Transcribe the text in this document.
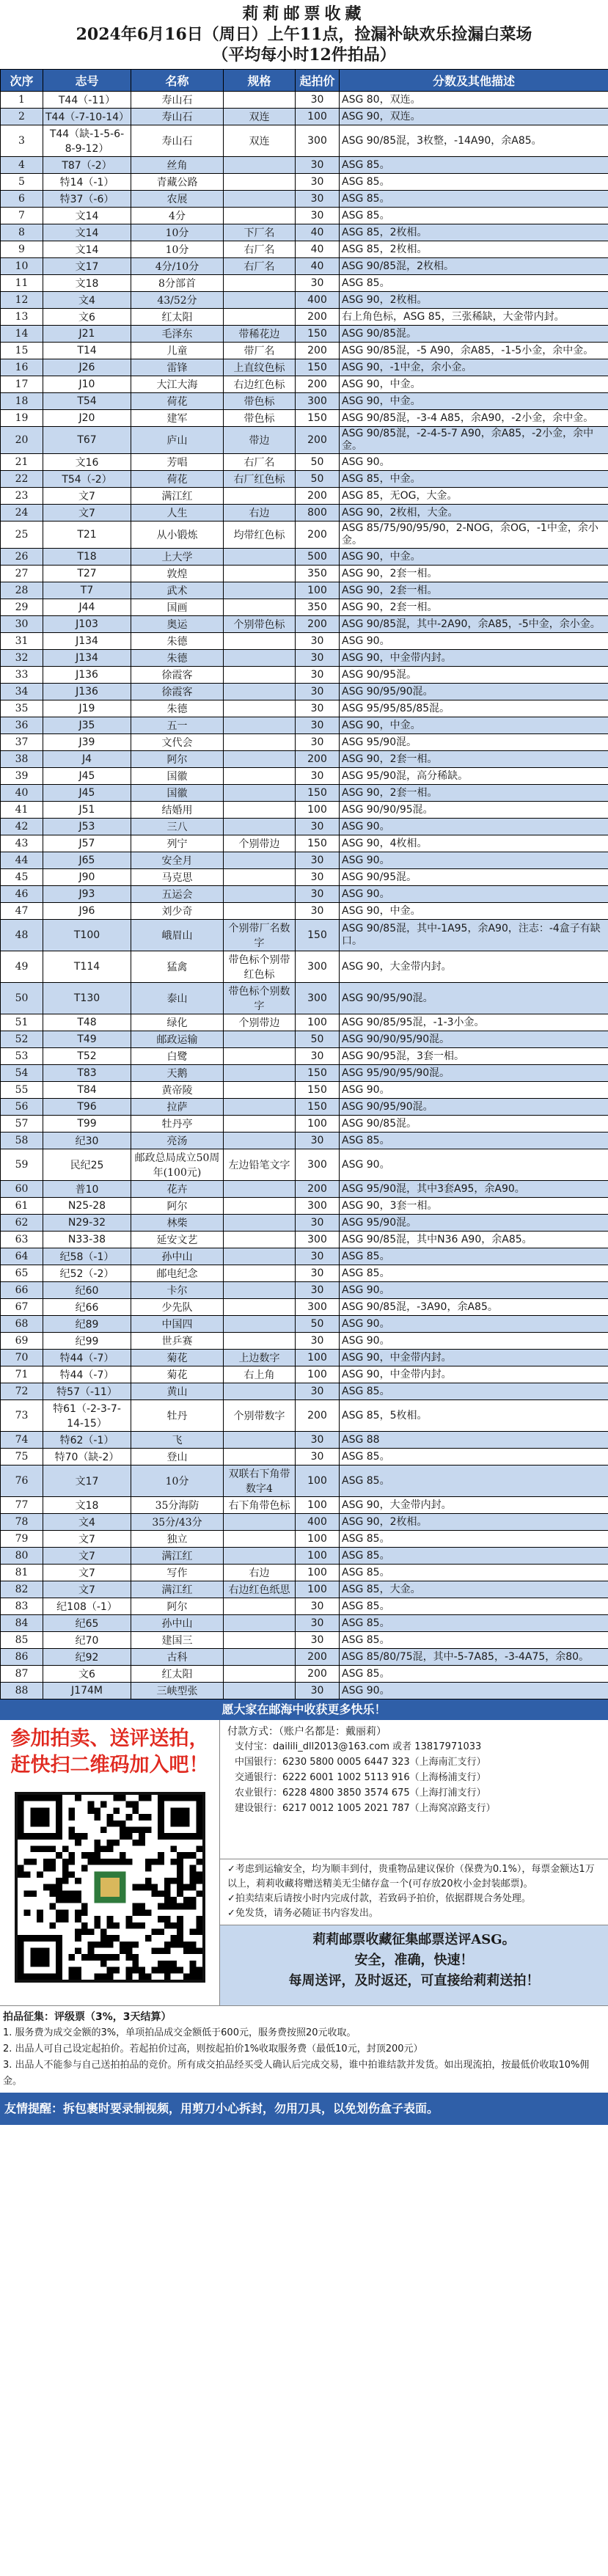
莉莉邮票收藏
2024年6月16日（周日）上午11点，捡漏补缺欢乐捡漏白菜场
（平均每小时12件拍品）
次序	志号	名称	规格	起拍价	分数及其他描述
1	T44（-11）	寿山石		30	ASG 80，双连。
2	T44（-7-10-14）	寿山石	双连	100	ASG 90，双连。
3	T44（缺-1-5-6-8-9-12）	寿山石	双连	300	ASG 90/85混，3枚整，-14A90，余A85。
4	T87（-2）	丝角		30	ASG 85。
5	特14（-1）	青藏公路		30	ASG 85。
6	特37（-6）	农展		30	ASG 85。
7	文14	4分		30	ASG 85。
8	文14	10分	下厂名	40	ASG 85，2枚相。
9	文14	10分	右厂名	40	ASG 85，2枚相。
10	文17	4分/10分	右厂名	40	ASG 90/85混，2枚相。
11	文18	8分部首		30	ASG 85。
12	文4	43/52分		400	ASG 90，2枚相。
13	文6	红太阳		200	右上角色标，ASG 85，三张稀缺，大金带内封。
14	J21	毛泽东	带稀花边	150	ASG 90/85混。
15	T14	儿童	带厂名	200	ASG 90/85混，-5 A90，余A85，-1-5小金，余中金。
16	J26	雷锋	上直纹色标	150	ASG 90，-1中金，余小金。
17	J10	大江大海	右边红色标	200	ASG 90，中金。
18	T54	荷花	带色标	300	ASG 90，中金。
19	J20	建军	带色标	150	ASG 90/85混，-3-4 A85，余A90，-2小金，余中金。
20	T67	庐山	带边	200	ASG 90/85混，-2-4-5-7 A90，余A85，-2小金，余中金。
21	文16	芳唱	右厂名	50	ASG 90。
22	T54（-2）	荷花	右厂红色标	50	ASG 85，中金。
23	文7	满江红		200	ASG 85，无OG，大金。
24	文7	人生	右边	800	ASG 90，2枚相，大金。
25	T21	从小锻炼	均带红色标	200	ASG 85/75/90/95/90，2-NOG，余OG，-1中金，余小金。
26	T18	上大学		500	ASG 90，中金。
27	T27	敦煌		350	ASG 90，2套一相。
28	T7	武术		100	ASG 90，2套一相。
29	J44	国画		350	ASG 90，2套一相。
30	J103	奥运	个别带色标	200	ASG 90/85混，其中-2A90，余A85，-5中金，余小金。
31	J134	朱德		30	ASG 90。
32	J134	朱德		30	ASG 90，中金带内封。
33	J136	徐霞客		30	ASG 90/95混。
34	J136	徐霞客		30	ASG 90/95/90混。
35	J19	朱德		30	ASG 95/95/85/85混。
36	J35	五一		30	ASG 90，中金。
37	J39	文代会		30	ASG 95/90混。
38	J4	阿尔		200	ASG 90，2套一相。
39	J45	国徽		30	ASG 95/90混，高分稀缺。
40	J45	国徽		150	ASG 90，2套一相。
41	J51	结婚用		100	ASG 90/90/95混。
42	J53	三八		30	ASG 90。
43	J57	列宁	个别带边	150	ASG 90，4枚相。
44	J65	安全月		30	ASG 90。
45	J90	马克思		30	ASG 90/95混。
46	J93	五运会		30	ASG 90。
47	J96	刘少奇		30	ASG 90，中金。
48	T100	峨眉山	个别带厂名数字	150	ASG 90/85混，其中-1A95，余A90，注志：-4盒子有缺口。
49	T114	猛禽	带色标个别带红色标	300	ASG 90，大金带内封。
50	T130	泰山	带色标个别数字	300	ASG 90/95/90混。
51	T48	绿化	个别带边	100	ASG 90/85/95混，-1-3小金。
52	T49	邮政运输		50	ASG 90/90/95/90混。
53	T52	白鹭		30	ASG 90/95混，3套一相。
54	T83	天鹅		150	ASG 95/90/95/90混。
55	T84	黄帝陵		150	ASG 90。
56	T96	拉萨		150	ASG 90/95/90混。
57	T99	牡丹亭		100	ASG 90/85混。
58	纪30	亮汤		30	ASG 85。
59	民纪25	邮政总局成立50周年(100元)	左边铅笔文字	300	ASG 90。
60	普10	花卉		200	ASG 95/90混，其中3套A95，余A90。
61	N25-28	阿尔		300	ASG 90，3套一相。
62	N29-32	林柴		30	ASG 95/90混。
63	N33-38	延安文艺		300	ASG 90/85混，其中N36 A90，余A85。
64	纪58（-1）	孙中山		30	ASG 85。
65	纪52（-2）	邮电纪念		30	ASG 85。
66	纪60	卡尔		30	ASG 90。
67	纪66	少先队		300	ASG 90/85混，-3A90，余A85。
68	纪89	中国四		50	ASG 90。
69	纪99	世乒赛		30	ASG 90。
70	特44（-7）	菊花	上边数字	100	ASG 90，中金带内封。
71	特44（-7）	菊花	右上角	100	ASG 90，中金带内封。
72	特57（-11）	黄山		30	ASG 85。
73	特61（-2-3-7-14-15）	牡丹	个别带数字	200	ASG 85，5枚相。
74	特62（-1）	飞		30	ASG 88
75	特70（缺-2）	登山		30	ASG 85。
76	文17	10分	双联右下角带数字4	100	ASG 85。
77	文18	35分海防	右下角带色标	100	ASG 90，大金带内封。
78	文4	35分/43分		400	ASG 90，2枚相。
79	文7	独立		100	ASG 85。
80	文7	满江红		100	ASG 85。
81	文7	写作	右边	100	ASG 85。
82	文7	满江红	右边红色纸思	100	ASG 85，大金。
83	纪108（-1）	阿尔		30	ASG 85。
84	纪65	孙中山		30	ASG 85。
85	纪70	建国三		30	ASG 85。
86	纪92	古科		200	ASG 85/80/75混，其中-5-7A85，-3-4A75，余80。
87	文6	红太阳		200	ASG 85。
88	J174M	三峡型张		30	ASG 90。
愿大家在邮海中收获更多快乐！
参加拍卖、送评送拍，
赶快扫二维码加入吧！
付款方式：（账户名都是：戴丽莉）
支付宝：dailili_dll2013@163.com 或者 13817971033
中国银行：6230 5800 0005 6447 323（上海南汇支行）
交通银行：6222 6001 1002 5113 916（上海杨浦支行）
农业银行：6228 4800 3850 3574 675（上海打浦支行）
建设银行：6217 0012 1005 2021 787（上海窝凉路支行）
✓考虑到运输安全，均为顺丰到付，贵重物品建议保价（保费为0.1%），每票金额达1万以上，莉莉收藏将赠送精美无尘储存盒一个(可存放20枚小金封装邮票)。
✓拍卖结束后请按小时内完成付款，若致码予拍价，依据群规合务处理。
✓免发货，请务必随证书内容发出。
莉莉邮票收藏征集邮票送评ASG。
安全，准确，快速！
每周送评，及时返还，可直接给莉莉送拍！
拍品征集：评级票（3%，3天结算）
1. 服务费为成交金额的3%，单项拍品成交金额低于600元，服务费按照20元收取。
2. 出品人可自己设定起拍价。若起拍价过高，则按起拍价1%收取服务费（最低10元，封顶200元）
3. 出品人不能参与自己送拍拍品的竞价。所有成交拍品经买受人确认后完成交易，谁中拍谁结款并发货。如出现流拍，按最低价收取10%佣金。
友情提醒：拆包裹时要录制视频，用剪刀小心拆封，勿用刀具，以免划伤盒子表面。
